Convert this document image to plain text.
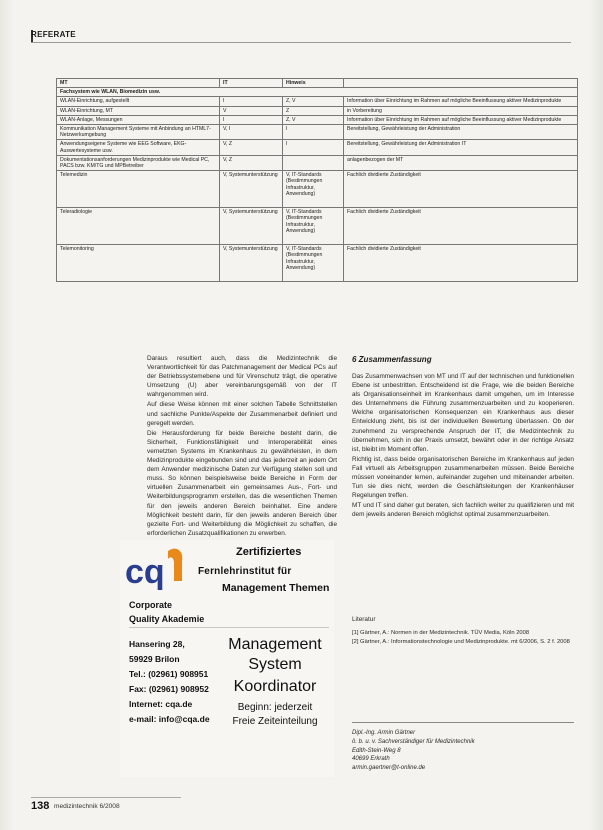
REFERATE
MT	IT	Hinweis	
Fachsystem wie WLAN, Biomedizin usw.			
WLAN-Einrichtung, aufgestellt	I	Z, V	Information über Einrichtung im Rahmen auf mögliche Beeinflussung aktiver Medizinprodukte
WLAN-Einrichtung, MT	V	Z	in Vorbereitung
WLAN-Anlage, Messungen	I	Z, V	Information über Einrichtung im Rahmen auf mögliche Beeinflussung aktiver Medizinprodukte
Kommunikation Management Systeme mit Anbindung an HTML7-Netzwerkumgebung	V, I	I	Bereitstellung, Gewährleistung der Administration
Anwendungseigene Systeme wie EEG Software, EKG-Auswertesysteme usw.	V, Z	I	Bereitstellung, Gewährleistung der Administration IT
Dokumentationsanforderungen Medizinprodukte wie Medical PC, PACS bzw. KM/TG und MPBetreiber	V, Z		anlagenbezogen der MT
Telemedizin	V, Systemunterstützung	V, IT-Standards (Bestimmungen Infrastruktur, Anwendung)	Fachlich dividierte Zuständigkeit
Teleradiologie	V, Systemunterstützung	V, IT-Standards (Bestimmungen Infrastruktur, Anwendung)	Fachlich dividierte Zuständigkeit
Telemonitoring	V, Systemunterstützung	V, IT-Standards (Bestimmungen Infrastruktur, Anwendung)	Fachlich dividierte Zuständigkeit

Daraus resultiert auch, dass die Medizintechnik die Verantwortlichkeit für das Patchmanagement der Medical PCs auf der Betriebssystemebene und für Virenschutz trägt, die operative Umsetzung (U) aber vereinbarungsgemäß von der IT wahrgenommen wird.

Auf diese Weise können mit einer solchen Tabelle Schnittstellen und sachliche Punkte/Aspekte der Zusammenarbeit definiert und geregelt werden.

Die Herausforderung für beide Bereiche besteht darin, die Sicherheit, Funktionsfähigkeit und Interoperabilität eines vernetzten Systems im Krankenhaus zu gewährleisten, in dem Medizinprodukte eingebunden sind und das jederzeit an jedem Ort dem Anwender medizinische Daten zur Verfügung stellen soll und muss. So können beispielsweise beide Bereiche in Form der virtuellen Zusammenarbeit ein gemeinsames Aus-, Fort- und Weiterbildungsprogramm erstellen, das die wesentlichen Themen für den jeweils anderen Bereich beinhaltet. Eine andere Möglichkeit besteht darin, für den jeweils anderen Bereich über gezielte Fort- und Weiterbildung die Möglichkeit zu schaffen, die erforderlichen Zusatzqualifikationen zu erwerben.

6 Zusammenfassung

Das Zusammenwachsen von MT und IT auf der technischen und funktionellen Ebene ist unbestritten. Entscheidend ist die Frage, wie die beiden Bereiche als Organisationseinheit im Krankenhaus damit umgehen, um im Interesse des Unternehmens die Führung zusammenzuarbeiten und zu kooperieren. Welche organisatorischen Konsequenzen ein Krankenhaus aus dieser Entwicklung zieht, bis ist der individuellen Bewertung überlassen. Ob der zunehmend zu versprechende Anspruch der IT, die Medizintechnik zu übernehmen, sich in der Praxis umsetzt, bewährt oder in der richtige Ansatz ist, bleibt im Moment offen.

Richtig ist, dass beide organisatorischen Bereiche im Krankenhaus auf jeden Fall virtuell als Arbeitsgruppen zusammenarbeiten müssen. Beide Bereiche müssen voneinander lernen, aufeinander zugehen und miteinander arbeiten. Tun sie dies nicht, werden die Geschäftsleitungen der Krankenhäuser Regelungen treffen.

MT und IT sind daher gut beraten, sich fachlich weiter zu qualifizieren und mit dem jeweils anderen Bereich möglichst optimal zusammenzuarbeiten.

Literatur
[1] Gärtner, A.: Normen in der Medizintechnik. TÜV Media, Köln 2008
[2] Gärtner, A.: Informationstechnologie und Medizinprodukte. mt 6/2006, S. 2 f. 2008
Dipl.-Ing. Armin Gärtner
ö. b. u. v. Sachverständiger für Medizintechnik
Edith-Stein-Weg 8
40699 Erkrath
armin.gaertner@t-online.de
cq
Zertifiziertes
Fernlehrinstitut für
Management Themen
Corporate
Quality Akademie
Hansering 28,
59929 Brilon
Tel.: (02961) 908951
Fax: (02961) 908952
Internet: cqa.de
e-mail: info@cqa.de
Management
System
Koordinator
Beginn: jederzeit
Freie Zeiteinteilung
138 medizintechnik 6/2008
